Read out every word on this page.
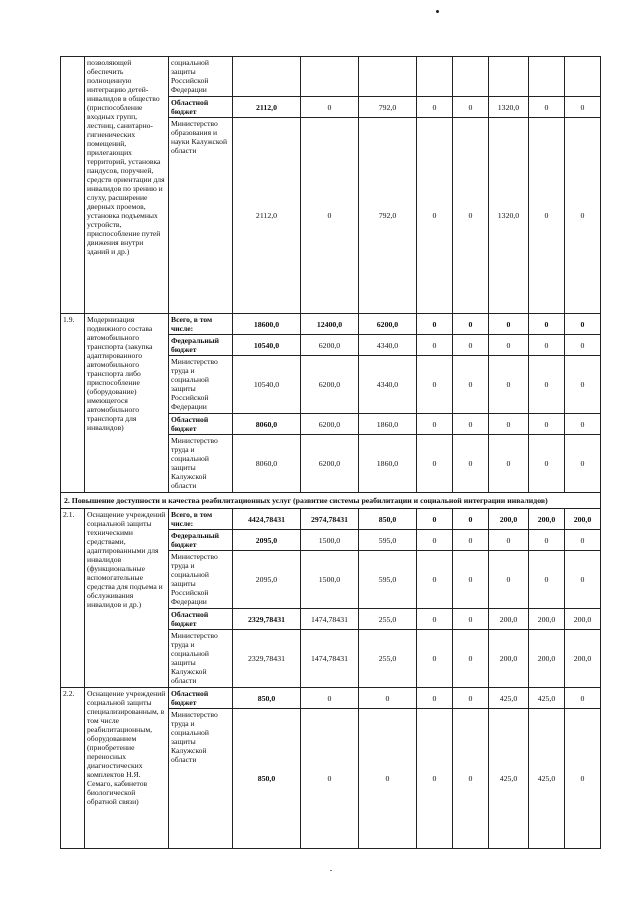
	позволяющей обеспечить полноценную интеграцию детей-инвалидов в общество (приспособление входных групп, лестниц, санитарно-гигиенических помещений, прилегающих территорий, установка пандусов, поручней, средств ориентации для инвалидов по зрению и слуху, расширение дверных проемов, установка подъемных устройств, приспособление путей движения внутри зданий и др.)	социальной защиты Российской Федерации								
		Областной бюджет	2112,0	0	792,0	0	0	1320,0	0	0
		Министерство образования и науки Калужской области	2112,0	0	792,0	0	0	1320,0	0	0
1.9.	Модернизация подвижного состава автомобильного транспорта (закупка адаптированного автомобильного транспорта либо приспособление (оборудование) имеющегося автомобильного транспорта для инвалидов)	Всего, в том числе:	18600,0	12400,0	6200,0	0	0	0	0	0
		Федеральный бюджет	10540,0	6200,0	4340,0	0	0	0	0	0
		Министерство труда и социальной защиты Российской Федерации	10540,0	6200,0	4340,0	0	0	0	0	0
		Областной бюджет	8060,0	6200,0	1860,0	0	0	0	0	0
		Министерство труда и социальной защиты Калужской области	8060,0	6200,0	1860,0	0	0	0	0	0
2. Повышение доступности и качества реабилитационных услуг (развитие системы реабилитации и социальной интеграции инвалидов)										
2.1.	Оснащение учреждений социальной защиты техническими средствами, адаптированными для инвалидов (функциональные вспомогательные средства для подъема и обслуживания инвалидов и др.)	Всего, в том числе:	4424,78431	2974,78431	850,0	0	0	200,0	200,0	200,0
		Федеральный бюджет	2095,0	1500,0	595,0	0	0	0	0	0
		Министерство труда и социальной защиты Российской Федерации	2095,0	1500,0	595,0	0	0	0	0	0
		Областной бюджет	2329,78431	1474,78431	255,0	0	0	200,0	200,0	200,0
		Министерство труда и социальной защиты Калужской области	2329,78431	1474,78431	255,0	0	0	200,0	200,0	200,0
2.2.	Оснащение учреждений социальной защиты специализированным, в том числе реабилитационным, оборудованием (приобретение переносных диагностических комплектов Н.Я. Семаго, кабинетов биологической обратной связи)	Областной бюджет	850,0	0	0	0	0	425,0	425,0	0
		Министерство труда и социальной защиты Калужской области	850,0	0	0	0	0	425,0	425,0	0
